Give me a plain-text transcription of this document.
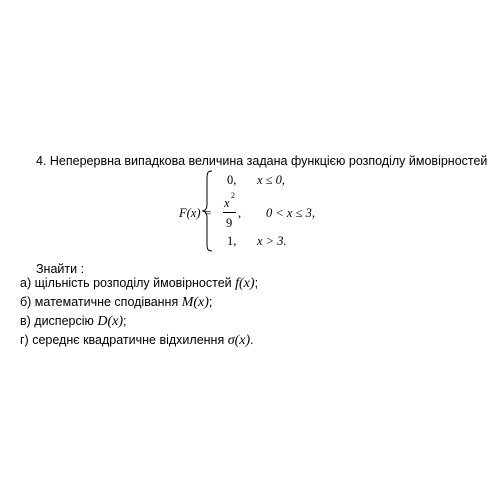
4. Неперервна випадкова величина задана функцією розподілу ймовірностей
F(x) =
0, x ≤ 0,
x
2
9
, 0 < x ≤ 3,
1, x > 3.
Знайти :
а) щільність розподілу ймовірностей f(x);
б) математичне сподівання M(x);
в) дисперсію D(x);
г) середнє квадратичне відхилення σ(x).
